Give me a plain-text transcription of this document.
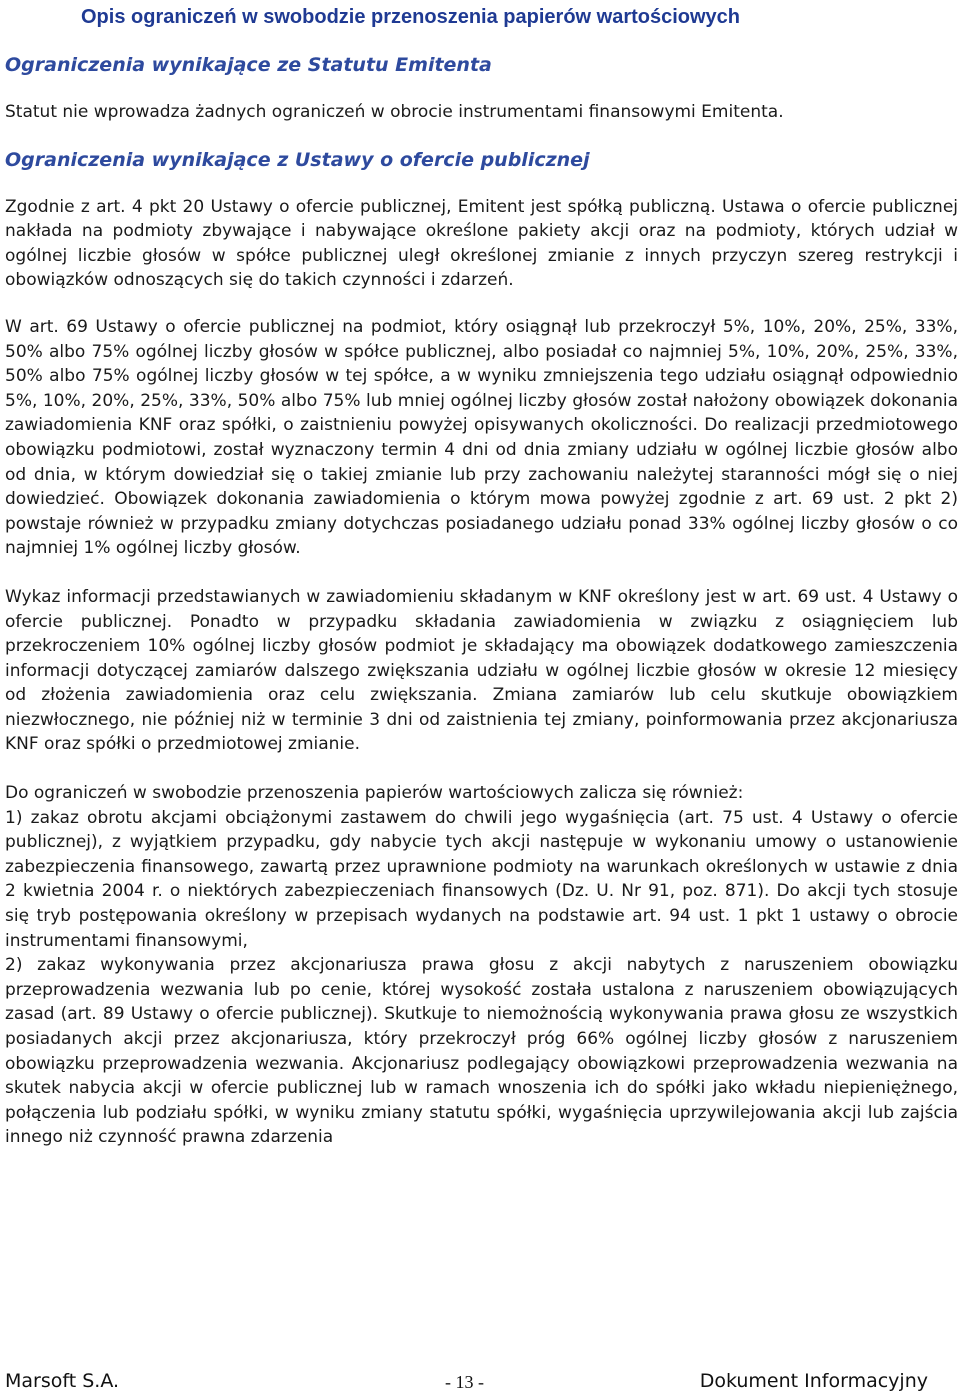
Opis ograniczeń w swobodzie przenoszenia papierów wartościowych
Ograniczenia wynikające ze Statutu Emitenta

Statut nie wprowadza żadnych ograniczeń w obrocie instrumentami finansowymi Emitenta.

Ograniczenia wynikające z Ustawy o ofercie publicznej

Zgodnie z art. 4 pkt 20 Ustawy o ofercie publicznej, Emitent jest spółką publiczną. Ustawa o ofercie publicznej nakłada na podmioty zbywające i nabywające określone pakiety akcji oraz na podmioty, których udział w ogólnej liczbie głosów w spółce publicznej uległ określonej zmianie z innych przyczyn szereg restrykcji i obowiązków odnoszących się do takich czynności i zdarzeń.

W art. 69 Ustawy o ofercie publicznej na podmiot, który osiągnął lub przekroczył 5%, 10%, 20%, 25%, 33%, 50% albo 75% ogólnej liczby głosów w spółce publicznej, albo posiadał co najmniej 5%, 10%, 20%, 25%, 33%, 50% albo 75% ogólnej liczby głosów w tej spółce, a w wyniku zmniejszenia tego udziału osiągnął odpowiednio 5%, 10%, 20%, 25%, 33%, 50% albo 75% lub mniej ogólnej liczby głosów został nałożony obowiązek dokonania zawiadomienia KNF oraz spółki, o zaistnieniu powyżej opisywanych okoliczności. Do realizacji przedmiotowego obowiązku podmiotowi, został wyznaczony termin 4 dni od dnia zmiany udziału w ogólnej liczbie głosów albo od dnia, w którym dowiedział się o takiej zmianie lub przy zachowaniu należytej staranności mógł się o niej dowiedzieć. Obowiązek dokonania zawiadomienia o którym mowa powyżej zgodnie z art. 69 ust. 2 pkt 2) powstaje również w przypadku zmiany dotychczas posiadanego udziału ponad 33% ogólnej liczby głosów o co najmniej 1% ogólnej liczby głosów.

Wykaz informacji przedstawianych w zawiadomieniu składanym w KNF określony jest w art. 69 ust. 4 Ustawy o ofercie publicznej. Ponadto w przypadku składania zawiadomienia w związku z osiągnięciem lub przekroczeniem 10% ogólnej liczby głosów podmiot je składający ma obowiązek dodatkowego zamieszczenia informacji dotyczącej zamiarów dalszego zwiększania udziału w ogólnej liczbie głosów w okresie 12 miesięcy od złożenia zawiadomienia oraz celu zwiększania. Zmiana zamiarów lub celu skutkuje obowiązkiem niezwłocznego, nie później niż w terminie 3 dni od zaistnienia tej zmiany, poinformowania przez akcjonariusza KNF oraz spółki o przedmiotowej zmianie.

Do ograniczeń w swobodzie przenoszenia papierów wartościowych zalicza się również:

1) zakaz obrotu akcjami obciążonymi zastawem do chwili jego wygaśnięcia (art. 75 ust. 4 Ustawy o ofercie publicznej), z wyjątkiem przypadku, gdy nabycie tych akcji następuje w wykonaniu umowy o ustanowienie zabezpieczenia finansowego, zawartą przez uprawnione podmioty na warunkach określonych w ustawie z dnia 2 kwietnia 2004 r. o niektórych zabezpieczeniach finansowych (Dz. U. Nr 91, poz. 871). Do akcji tych stosuje się tryb postępowania określony w przepisach wydanych na podstawie art. 94 ust. 1 pkt 1 ustawy o obrocie instrumentami finansowymi,

2) zakaz wykonywania przez akcjonariusza prawa głosu z akcji nabytych z naruszeniem obowiązku przeprowadzenia wezwania lub po cenie, której wysokość została ustalona z naruszeniem obowiązujących zasad (art. 89 Ustawy o ofercie publicznej). Skutkuje to niemożnością wykonywania prawa głosu ze wszystkich posiadanych akcji przez akcjonariusza, który przekroczył próg 66% ogólnej liczby głosów z naruszeniem obowiązku przeprowadzenia wezwania. Akcjonariusz podlegający obowiązkowi przeprowadzenia wezwania na skutek nabycia akcji w ofercie publicznej lub w ramach wnoszenia ich do spółki jako wkładu niepieniężnego, połączenia lub podziału spółki, w wyniku zmiany statutu spółki, wygaśnięcia uprzywilejowania akcji lub zajścia innego niż czynność prawna zdarzenia

Marsoft S.A.	- 13 -	Dokument Informacyjny
